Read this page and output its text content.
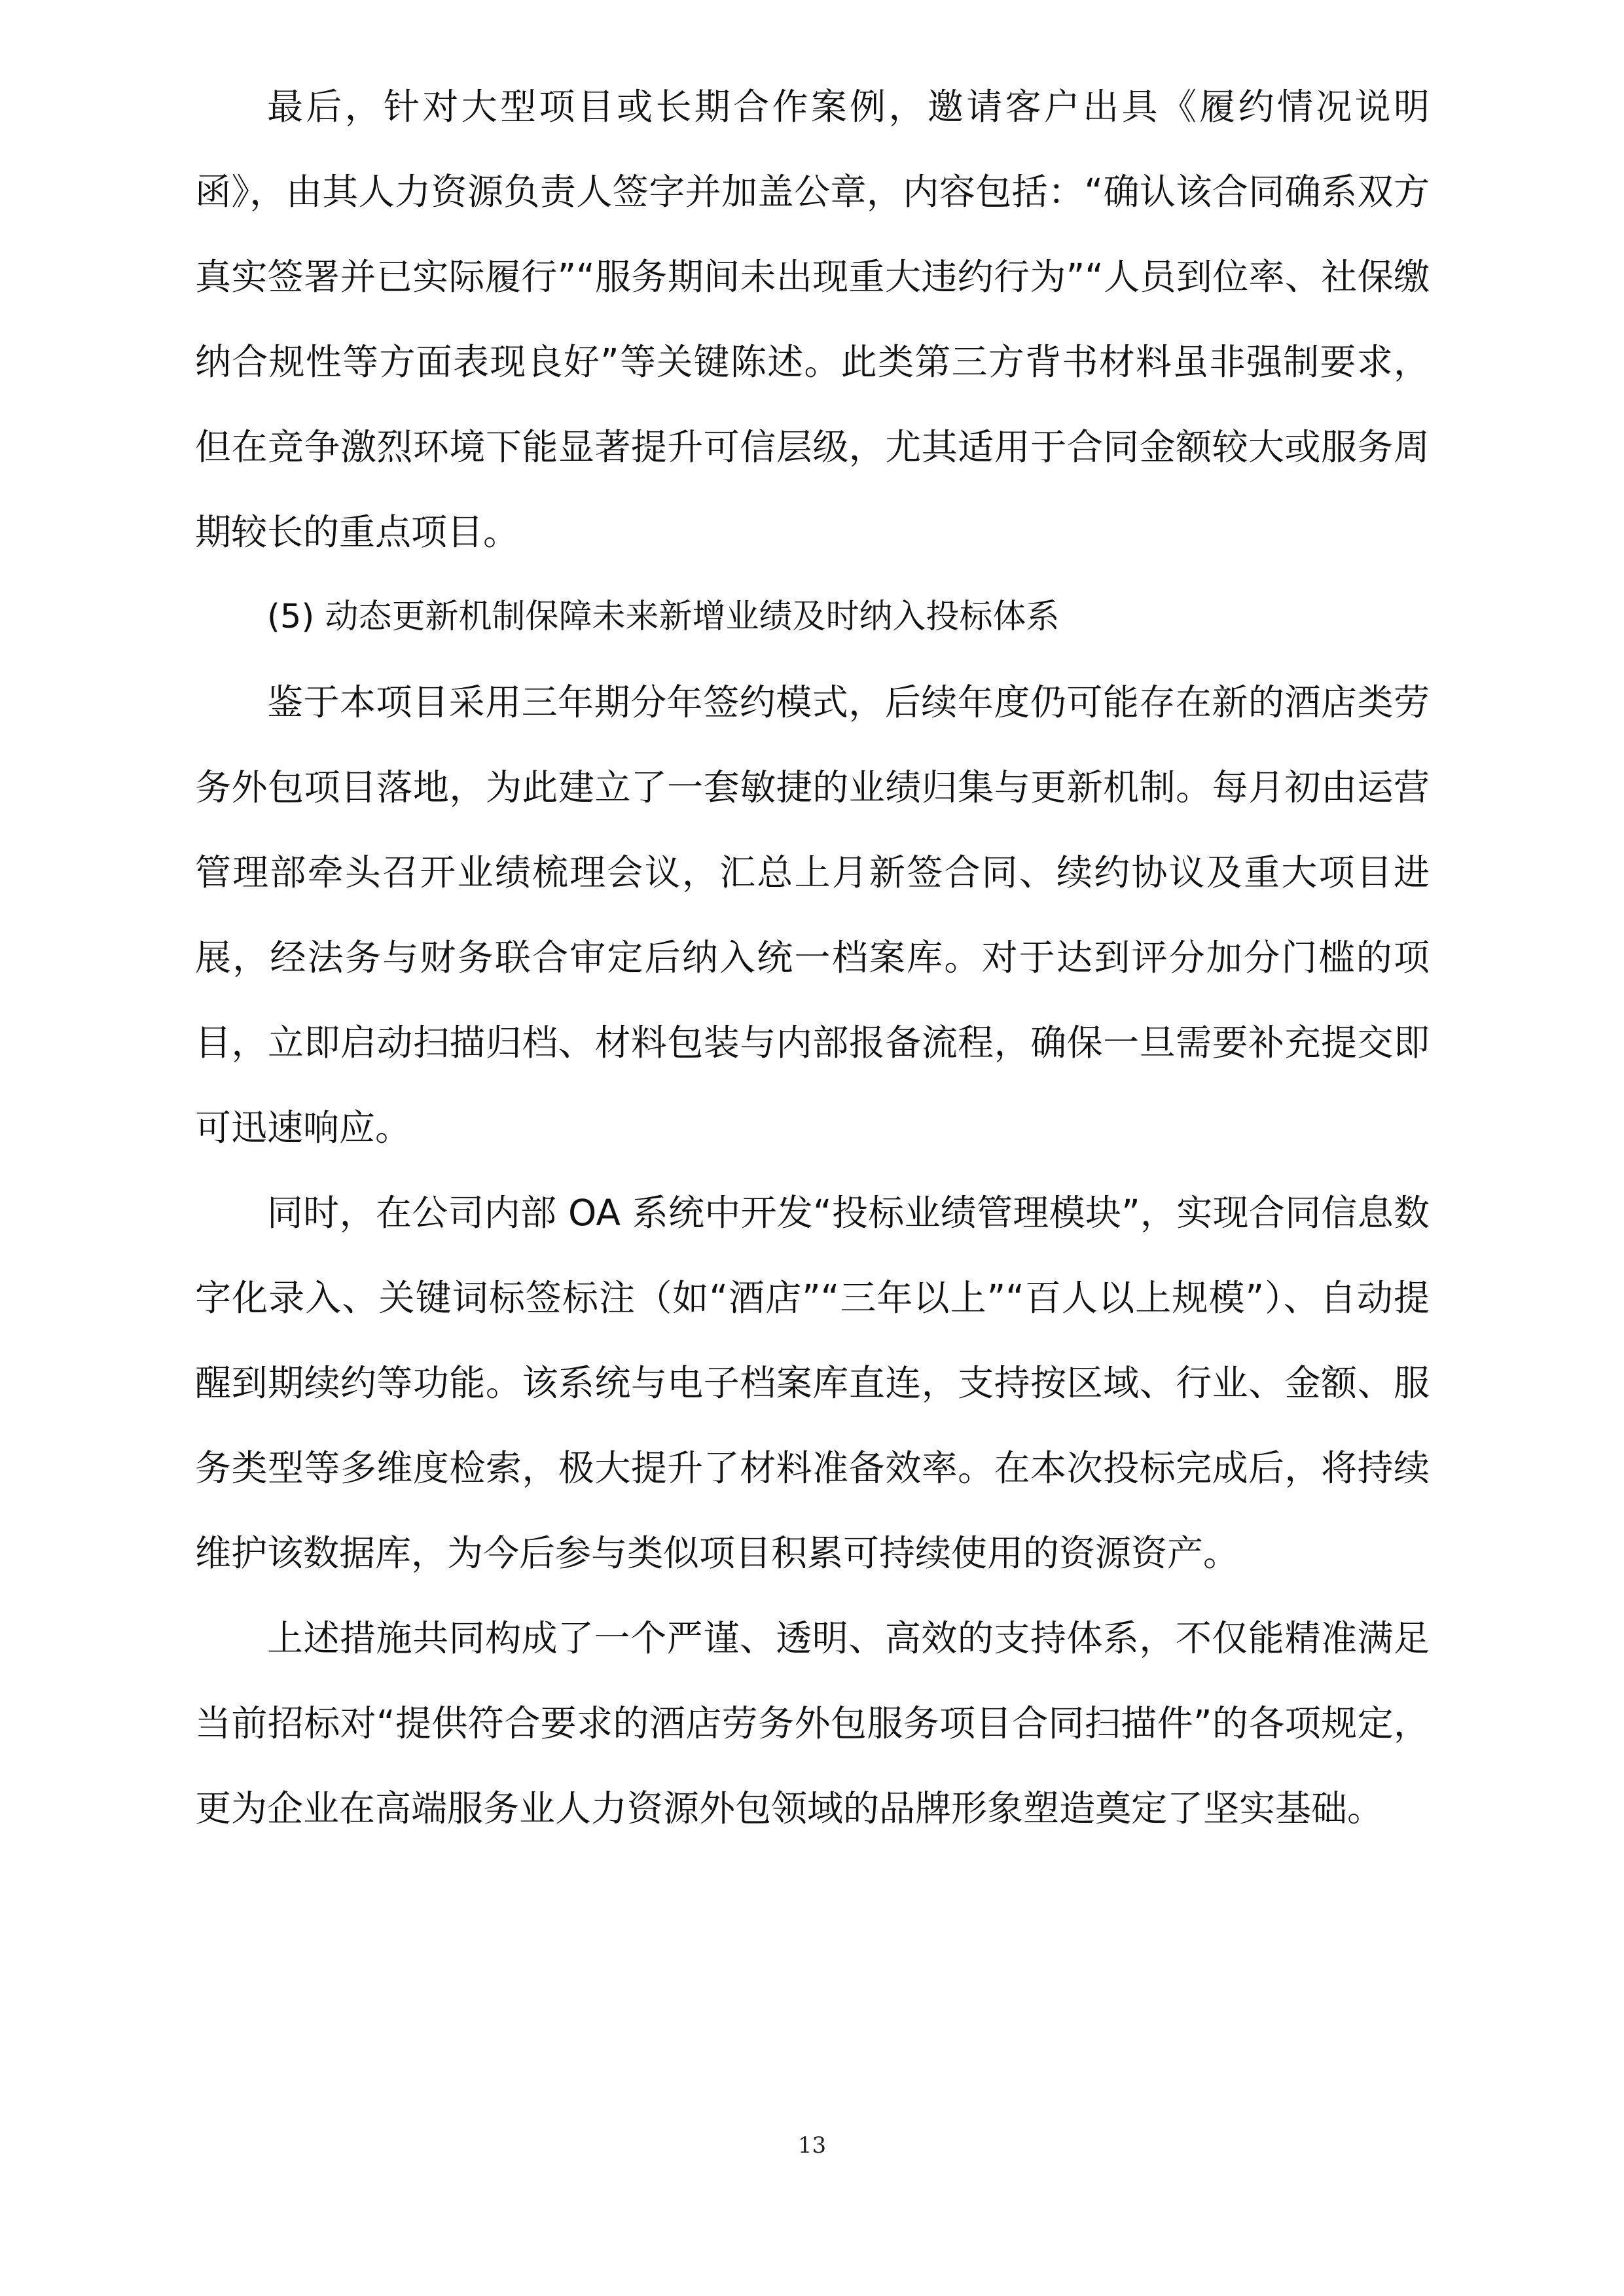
最后，针对大型项目或长期合作案例，邀请客户出具《履约情况说明函》，由其人力资源负责人签字并加盖公章，内容包括：“确认该合同确系双方真实签署并已实际履行”“服务期间未出现重大违约行为”“人员到位率、社保缴纳合规性等方面表现良好”等关键陈述。此类第三方背书材料虽非强制要求，但在竞争激烈环境下能显著提升可信层级，尤其适用于合同金额较大或服务周期较长的重点项目。

(5) 动态更新机制保障未来新增业绩及时纳入投标体系

鉴于本项目采用三年期分年签约模式，后续年度仍可能存在新的酒店类劳务外包项目落地，为此建立了一套敏捷的业绩归集与更新机制。每月初由运营管理部牵头召开业绩梳理会议，汇总上月新签合同、续约协议及重大项目进展，经法务与财务联合审定后纳入统一档案库。对于达到评分加分门槛的项目，立即启动扫描归档、材料包装与内部报备流程，确保一旦需要补充提交即可迅速响应。

同时，在公司内部 OA 系统中开发“投标业绩管理模块”，实现合同信息数字化录入、关键词标签标注（如“酒店”“三年以上”“百人以上规模”）、自动提醒到期续约等功能。该系统与电子档案库直连，支持按区域、行业、金额、服务类型等多维度检索，极大提升了材料准备效率。在本次投标完成后，将持续维护该数据库，为今后参与类似项目积累可持续使用的资源资产。

上述措施共同构成了一个严谨、透明、高效的支持体系，不仅能精准满足当前招标对“提供符合要求的酒店劳务外包服务项目合同扫描件”的各项规定，更为企业在高端服务业人力资源外包领域的品牌形象塑造奠定了坚实基础。

13
